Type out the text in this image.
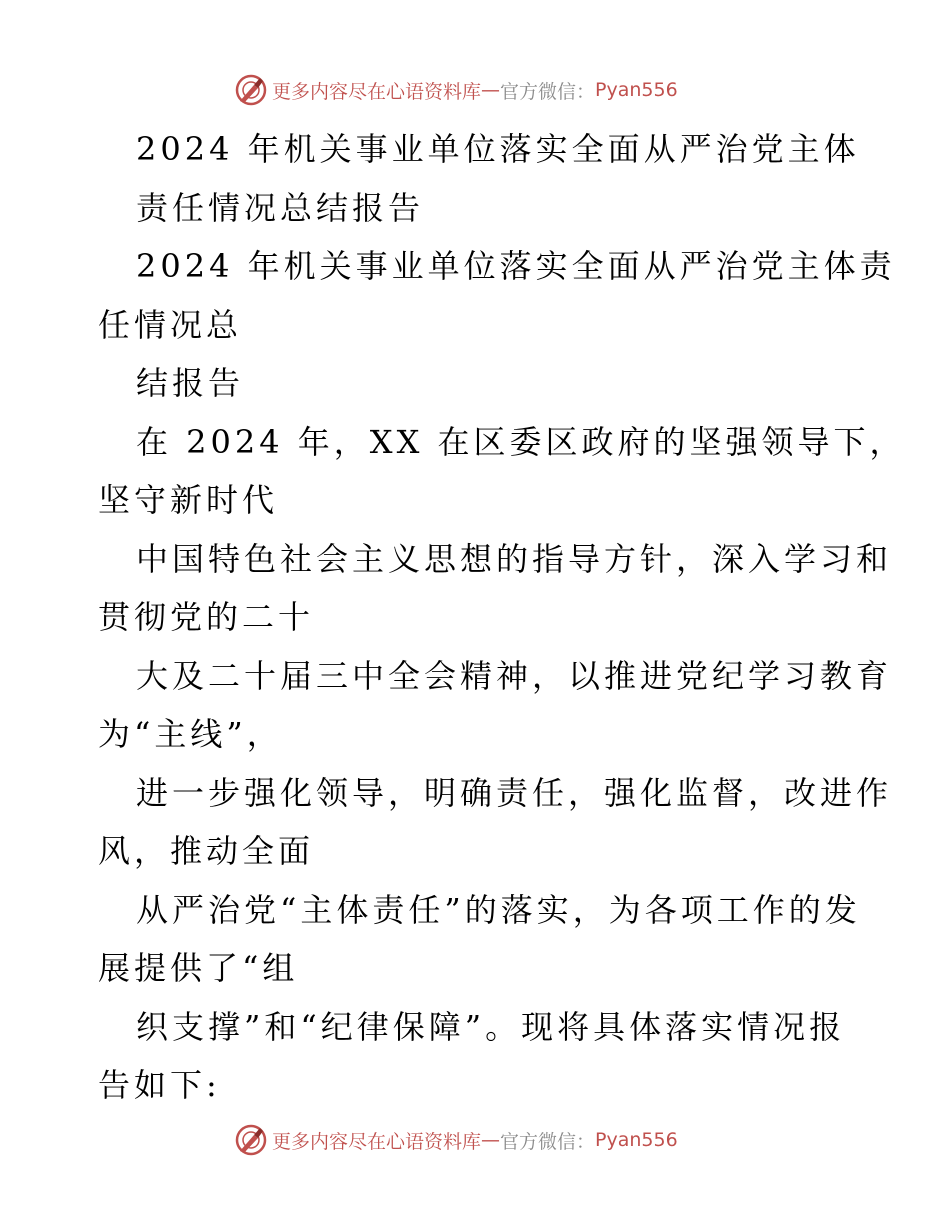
更多内容尽在心语资料库 — 官方微信： Pyan556
2024 年机关事业单位落实全面从严治党主体
责任情况总结报告
2024 年机关事业单位落实全面从严治党主体责
任情况总
结报告
在 2024 年，XX 在区委区政府的坚强领导下，
坚守新时代
中国特色社会主义思想的指导方针，深入学习和
贯彻党的二十
大及二十届三中全会精神，以推进党纪学习教育
为“主线”，
进一步强化领导，明确责任，强化监督，改进作
风，推动全面
从严治党“主体责任”的落实，为各项工作的发
展提供了“组
织支撑”和“纪律保障”。现将具体落实情况报
告如下:
更多内容尽在心语资料库 — 官方微信： Pyan556
